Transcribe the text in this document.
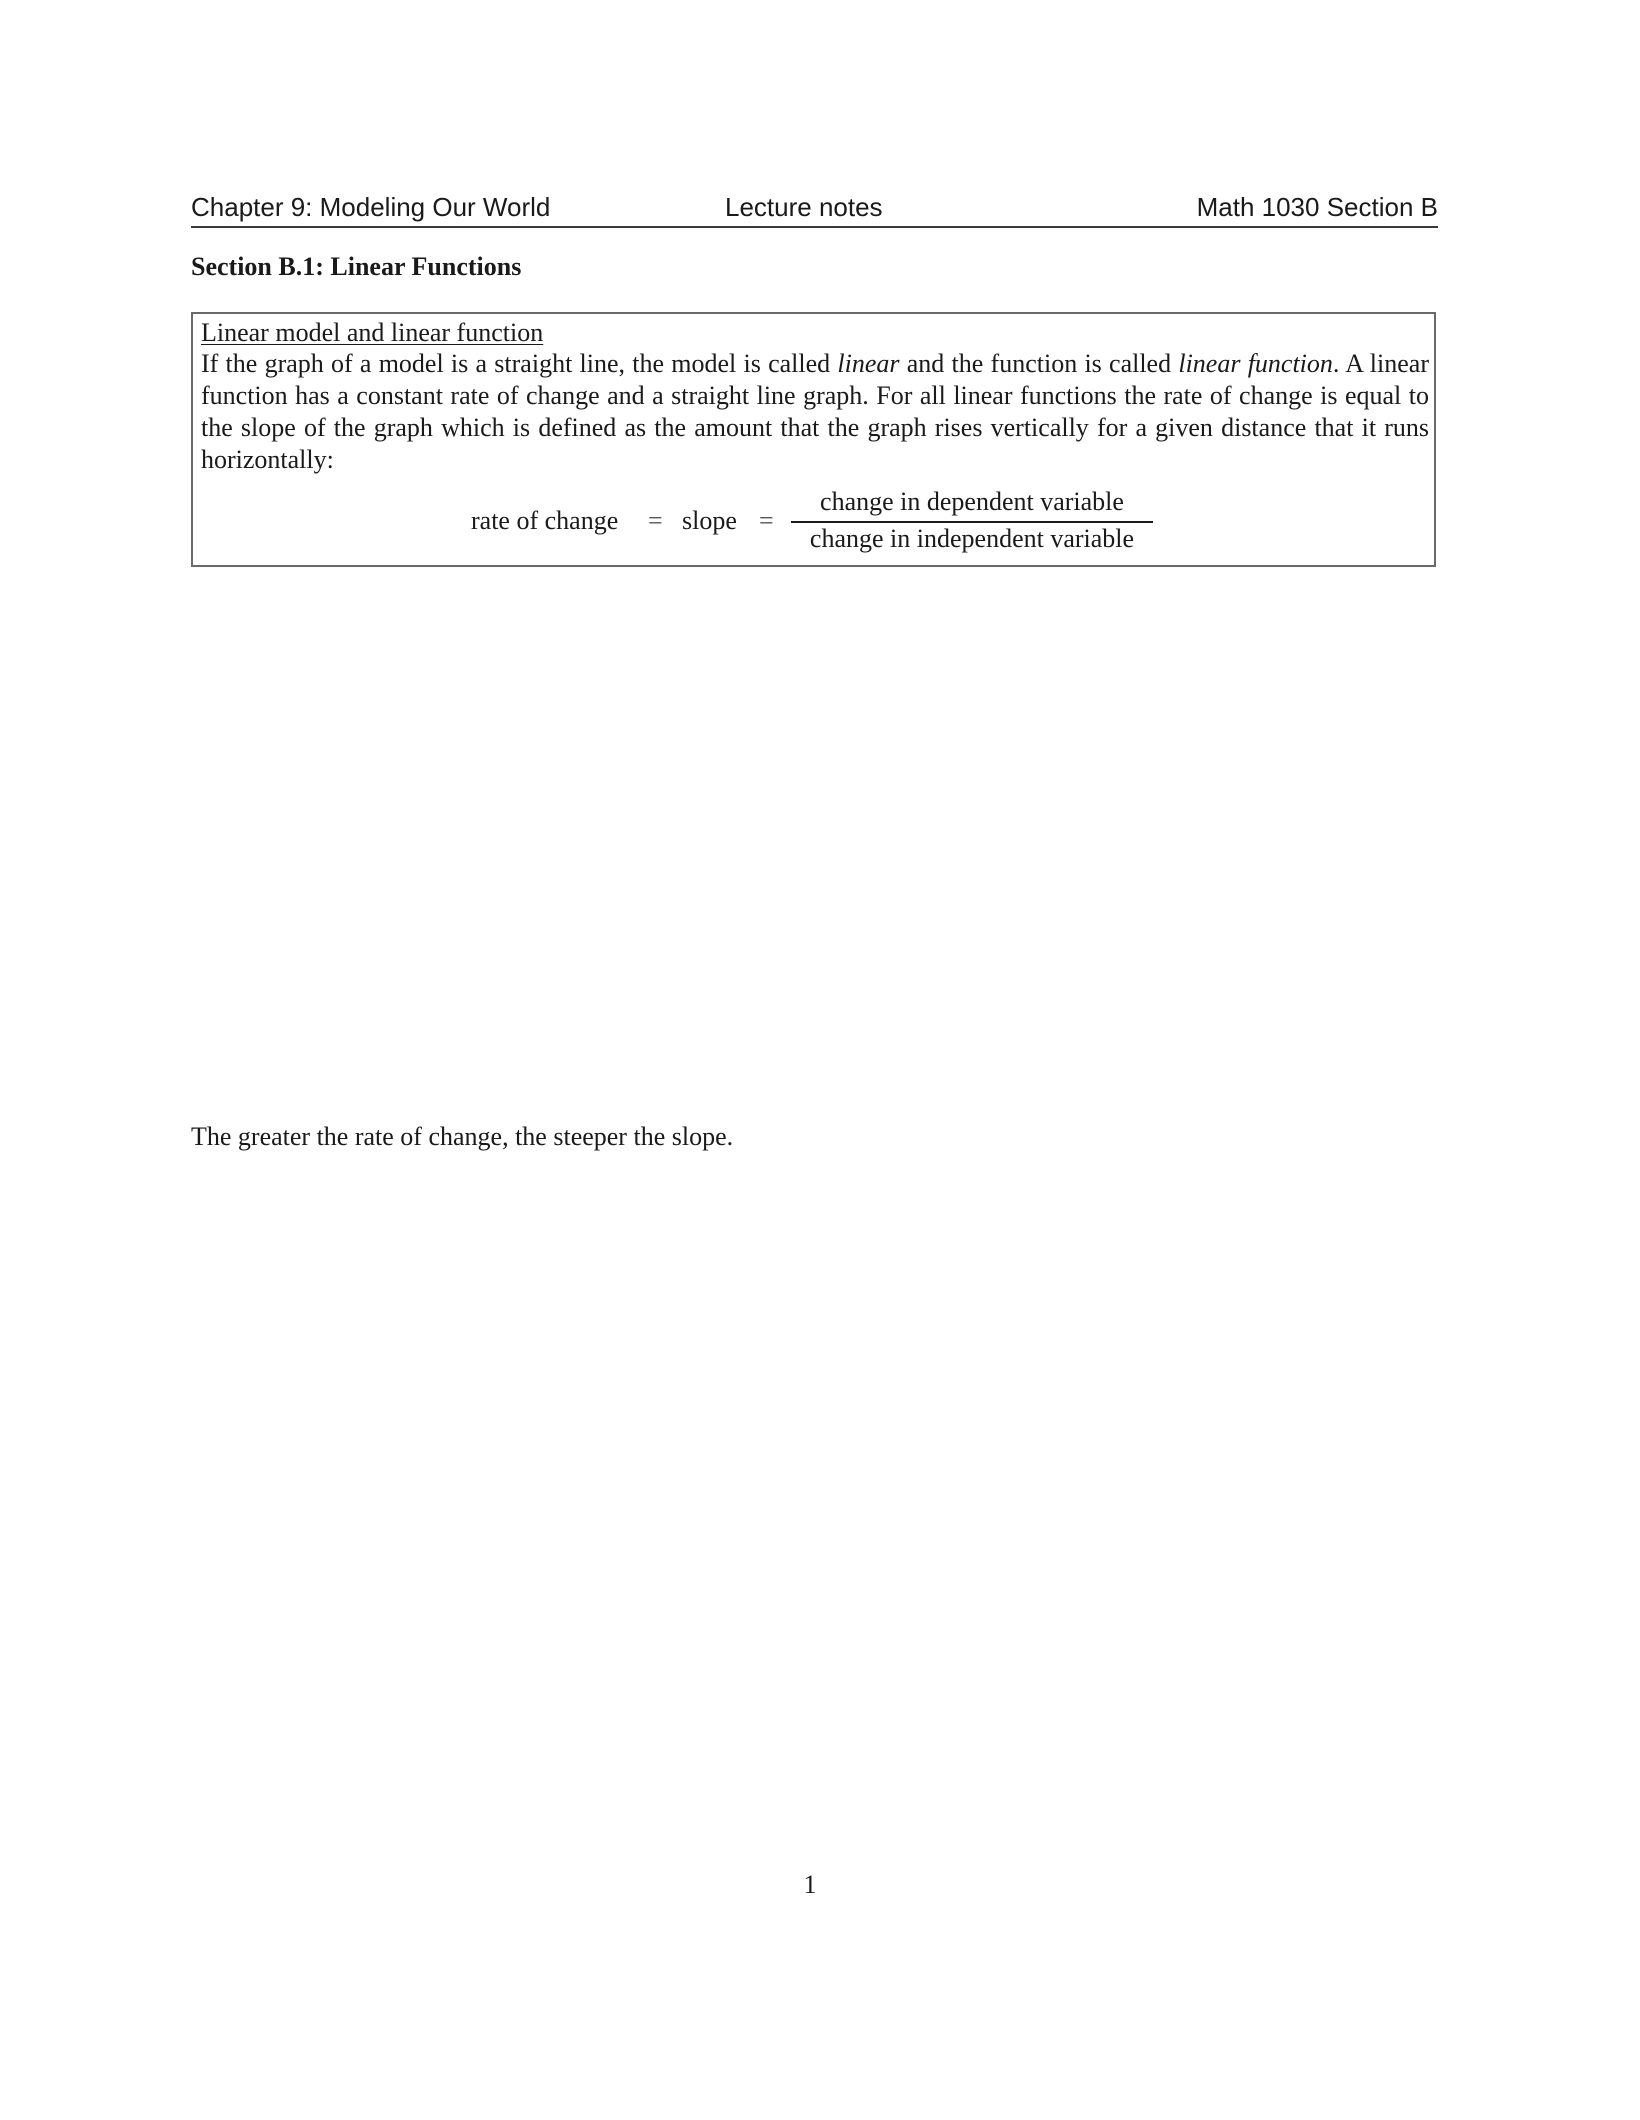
Chapter 9: Modeling Our World	Lecture notes	Math 1030 Section B
Section B.1: Linear Functions
Linear model and linear function
If the graph of a model is a straight line, the model is called linear and the function is called linear function. A linear function has a constant rate of change and a straight line graph. For all linear functions the rate of change is equal to the slope of the graph which is defined as the amount that the graph rises vertically for a given distance that it runs horizontally:
rate of change = slope =
change in dependent variable
change in independent variable
The greater the rate of change, the steeper the slope.
1
